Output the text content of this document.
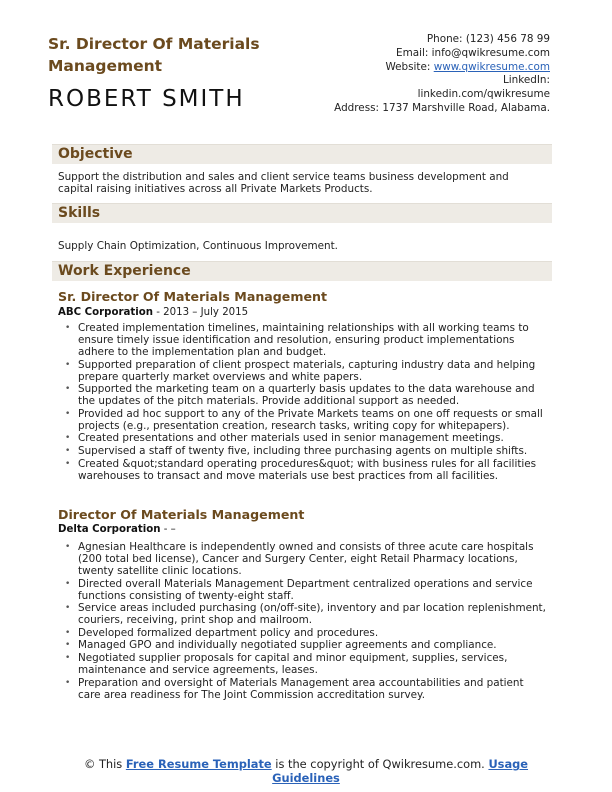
Sr. Director Of Materials Management
ROBERT SMITH
Phone: (123) 456 78 99
Email: info@qwikresume.com
Website: www.qwikresume.com
LinkedIn:
linkedin.com/qwikresume
Address: 1737 Marshville Road, Alabama.
Objective
Support the distribution and sales and client service teams business development and capital raising initiatives across all Private Markets Products.
Skills
Supply Chain Optimization, Continuous Improvement.
Work Experience
Sr. Director Of Materials Management
ABC Corporation - 2013 – July 2015
• Created implementation timelines, maintaining relationships with all working teams to ensure timely issue identification and resolution, ensuring product implementations adhere to the implementation plan and budget.
• Supported preparation of client prospect materials, capturing industry data and helping prepare quarterly market overviews and white papers.
• Supported the marketing team on a quarterly basis updates to the data warehouse and the updates of the pitch materials. Provide additional support as needed.
• Provided ad hoc support to any of the Private Markets teams on one off requests or small projects (e.g., presentation creation, research tasks, writing copy for whitepapers).
• Created presentations and other materials used in senior management meetings.
• Supervised a staff of twenty five, including three purchasing agents on multiple shifts.
• Created &quot;standard operating procedures&quot; with business rules for all facilities warehouses to transact and move materials use best practices from all facilities.
Director Of Materials Management
Delta Corporation - –
• Agnesian Healthcare is independently owned and consists of three acute care hospitals (200 total bed license), Cancer and Surgery Center, eight Retail Pharmacy locations, twenty satellite clinic locations.
• Directed overall Materials Management Department centralized operations and service functions consisting of twenty-eight staff.
• Service areas included purchasing (on/off-site), inventory and par location replenishment, couriers, receiving, print shop and mailroom.
• Developed formalized department policy and procedures.
• Managed GPO and individually negotiated supplier agreements and compliance.
• Negotiated supplier proposals for capital and minor equipment, supplies, services, maintenance and service agreements, leases.
• Preparation and oversight of Materials Management area accountabilities and patient care area readiness for The Joint Commission accreditation survey.
© This Free Resume Template is the copyright of Qwikresume.com. Usage Guidelines
